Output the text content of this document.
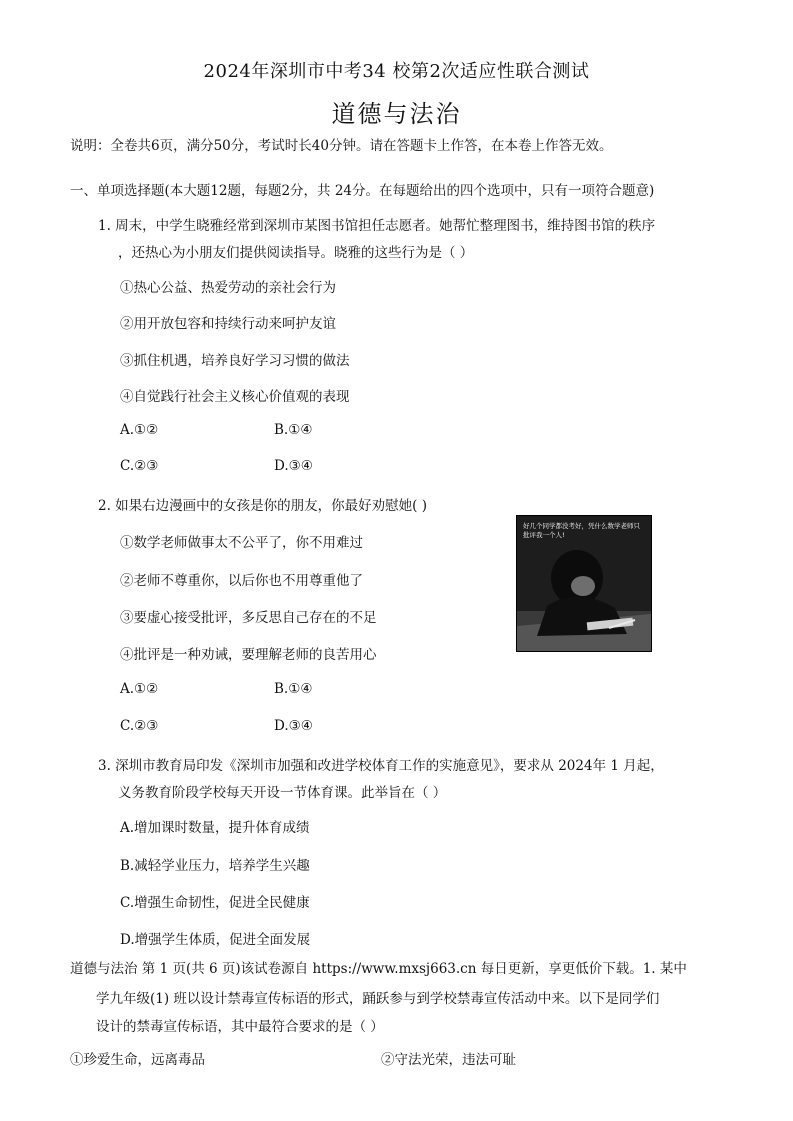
2024年深圳市中考34 校第2次适应性联合测试
道德与法治
说明：全卷共6页，满分50分，考试时长40分钟。请在答题卡上作答，在本卷上作答无效。
一、单项选择题(本大题12题，每题2分，共 24分。在每题给出的四个选项中，只有一项符合题意)
1. 周末，中学生晓雅经常到深圳市某图书馆担任志愿者。她帮忙整理图书，维持图书馆的秩序
，还热心为小朋友们提供阅读指导。晓雅的这些行为是（ ）
①热心公益、热爱劳动的亲社会行为
②用开放包容和持续行动来呵护友谊
③抓住机遇，培养良好学习习惯的做法
④自觉践行社会主义核心价值观的表现
A.①②	B.①④
C.②③	D.③④
2. 如果右边漫画中的女孩是你的朋友，你最好劝慰她( )
①数学老师做事太不公平了，你不用难过
②老师不尊重你，以后你也不用尊重他了
③要虚心接受批评，多反思自己存在的不足
④批评是一种劝诫，要理解老师的良苦用心
A.①②	B.①④
C.②③	D.③④
好几个同学都没考好，凭什么数学老师只批评我一个人!
3. 深圳市教育局印发《深圳市加强和改进学校体育工作的实施意见》，要求从 2024年 1 月起，
义务教育阶段学校每天开设一节体育课。此举旨在（ ）
A.增加课时数量，提升体育成绩
B.减轻学业压力，培养学生兴趣
C.增强生命韧性，促进全民健康
D.增强学生体质，促进全面发展
道德与法治 第 1 页(共 6 页)该试卷源自 https://www.mxsj663.cn 每日更新，享更低价下载。1. 某中
学九年级(1) 班以设计禁毒宣传标语的形式，踊跃参与到学校禁毒宣传活动中来。以下是同学们
设计的禁毒宣传标语，其中最符合要求的是（ ）
①珍爱生命，远离毒品	②守法光荣，违法可耻
